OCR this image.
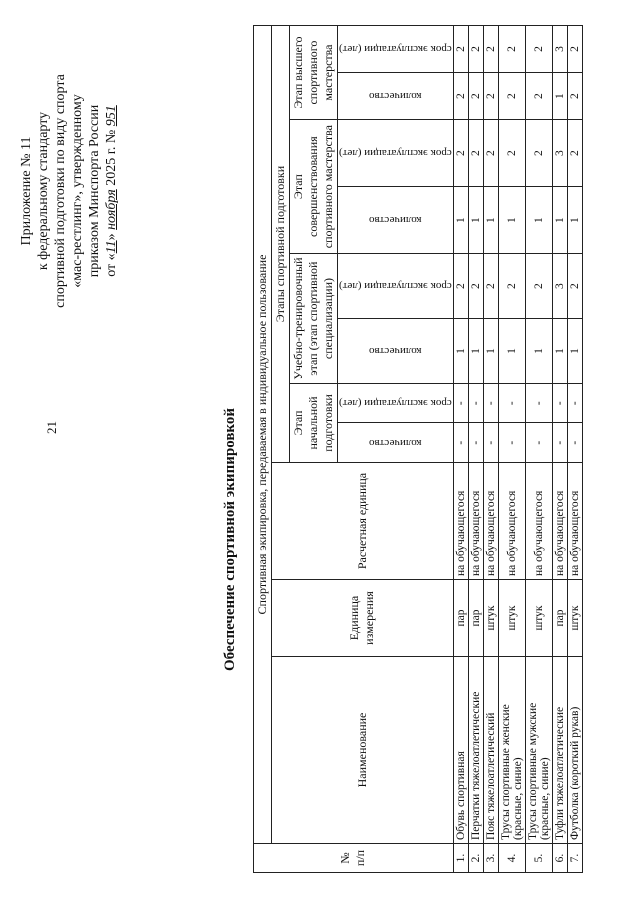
21
Приложение № 11 к федеральному стандарту спортивной подготовки по виду спорта «мас-рестлинг», утвержденному приказом Минспорта России от «11» ноября 2025 г. № 951
Обеспечение спортивной экипировкой
№ п/п	Спортивная экипировка, передаваемая в индивидуальное пользование										
	Наименование	Единица измерения	Расчетная единица	Этапы спортивной подготовки							
				Этап начальной подготовки		Учебно-тренировочный этап (этап спортивной специализации)		Этап совершенствования спортивного мастерства		Этап высшего спортивного мастерства	

				количество	срок эксплуатации (лет)	количество	срок эксплуатации (лет)	количество	срок эксплуатации (лет)	количество	срок эксплуатации (лет)

1.	Обувь спортивная	пар	на обучающегося	-	-	1	2	1	2	2	2
2.	Перчатки тяжелоатлетические	пар	на обучающегося	-	-	1	2	1	2	2	2
3.	Пояс тяжелоатлетический	штук	на обучающегося	-	-	1	2	1	2	2	2
4.	Трусы спортивные женские (красные, синие)	штук	на обучающегося	-	-	1	2	1	2	2	2
5.	Трусы спортивные мужские (красные, синие)	штук	на обучающегося	-	-	1	2	1	2	2	2
6.	Туфли тяжелоатлетические	пар	на обучающегося	-	-	1	3	1	3	1	3
7.	Футболка (короткий рукав)	штук	на обучающегося	-	-	1	2	1	2	2	2
